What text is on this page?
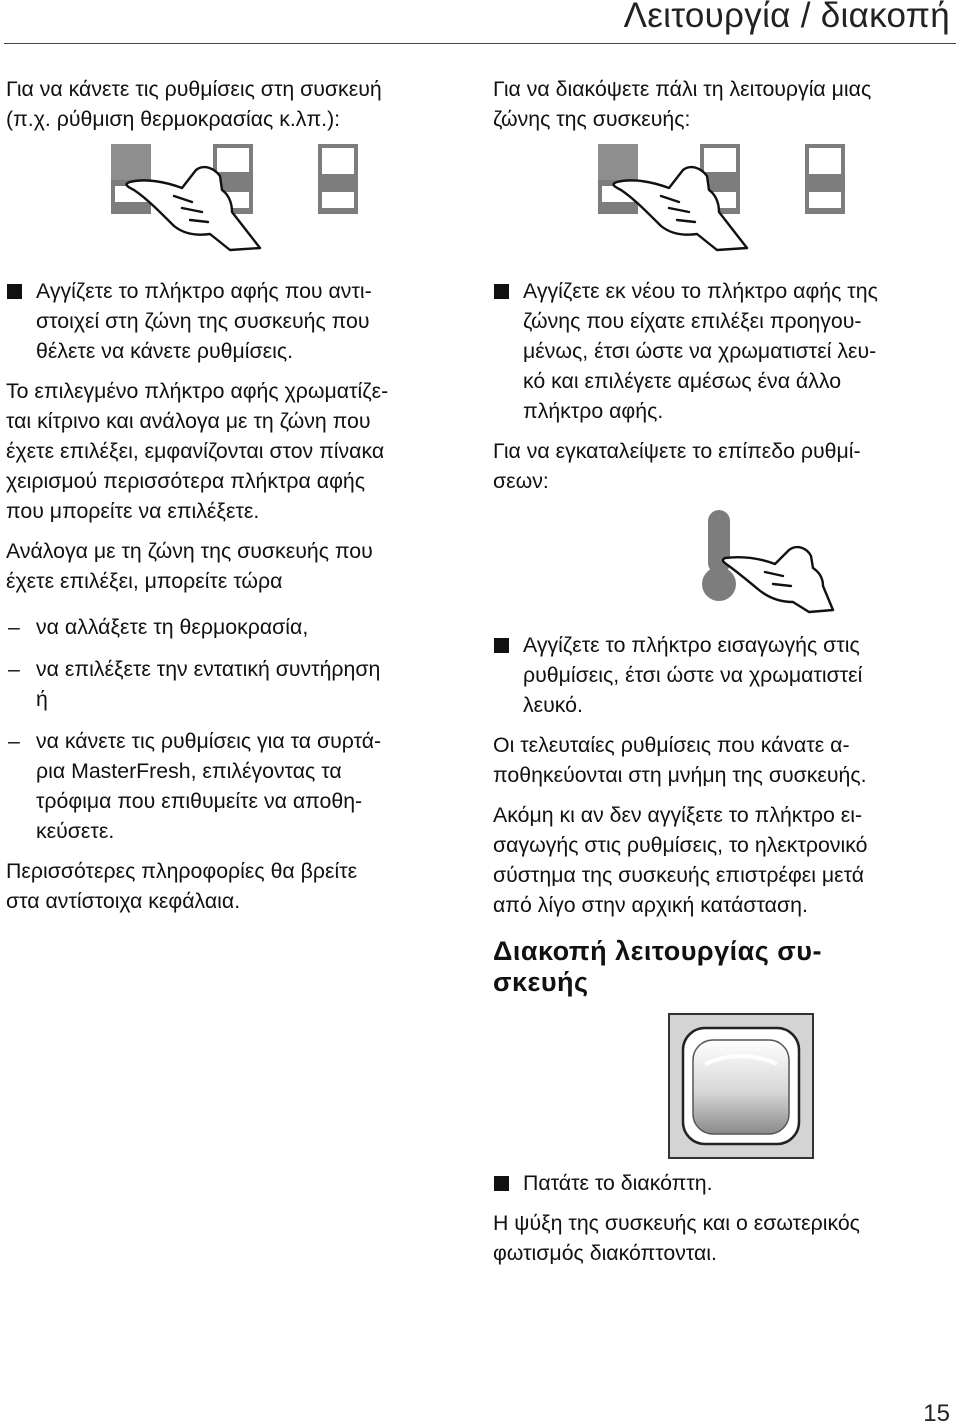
Λειτουργία / διακοπή

Για να κάνετε τις ρυθμίσεις στη συσκευή
(π.χ. ρύθμιση θερμοκρασίας κ.λπ.):

Αγγίζετε το πλήκτρο αφής που αντι-
στοιχεί στη ζώνη της συσκευής που
θέλετε να κάνετε ρυθμίσεις.

Το επιλεγμένο πλήκτρο αφής χρωματίζε-
ται κίτρινο και ανάλογα με τη ζώνη που
έχετε επιλέξει, εμφανίζονται στον πίνακα
χειρισμού περισσότερα πλήκτρα αφής
που μπορείτε να επιλέξετε.

Ανάλογα με τη ζώνη της συσκευής που
έχετε επιλέξει, μπορείτε τώρα

– να αλλάξετε τη θερμοκρασία,
– να επιλέξετε την εντατική συντήρηση
ή
– να κάνετε τις ρυθμίσεις για τα συρτά-
ρια MasterFresh, επιλέγοντας τα
τρόφιμα που επιθυμείτε να αποθη-
κεύσετε.

Περισσότερες πληροφορίες θα βρείτε
στα αντίστοιχα κεφάλαια.

Για να διακόψετε πάλι τη λειτουργία μιας
ζώνης της συσκευής:

Αγγίζετε εκ νέου το πλήκτρο αφής της
ζώνης που είχατε επιλέξει προηγου-
μένως, έτσι ώστε να χρωματιστεί λευ-
κό και επιλέγετε αμέσως ένα άλλο
πλήκτρο αφής.

Για να εγκαταλείψετε το επίπεδο ρυθμί-
σεων:

Αγγίζετε το πλήκτρο εισαγωγής στις
ρυθμίσεις, έτσι ώστε να χρωματιστεί
λευκό.

Οι τελευταίες ρυθμίσεις που κάνατε α-
ποθηκεύονται στη μνήμη της συσκευής.

Ακόμη κι αν δεν αγγίξετε το πλήκτρο ει-
σαγωγής στις ρυθμίσεις, το ηλεκτρονικό
σύστημα της συσκευής επιστρέφει μετά
από λίγο στην αρχική κατάσταση.

Διακοπή λειτουργίας συ-
σκευής
Πατάτε το διακόπτη.

Η ψύξη της συσκευής και ο εσωτερικός
φωτισμός διακόπτονται.

15
